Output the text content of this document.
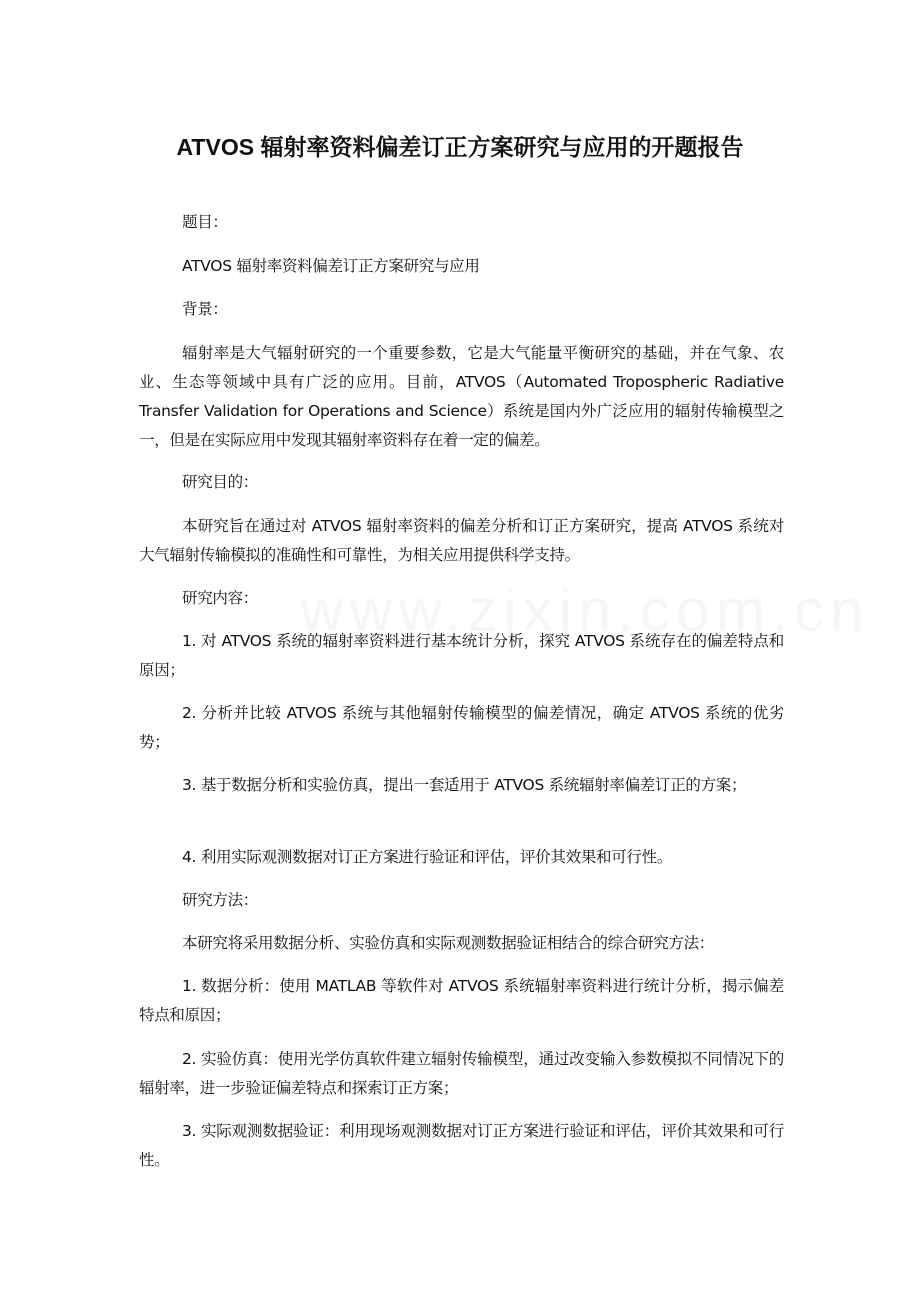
ATVOS 辐射率资料偏差订正方案研究与应用的开题报告

题目：

ATVOS 辐射率资料偏差订正方案研究与应用

背景：

辐射率是大气辐射研究的一个重要参数，它是大气能量平衡研究的基础，并在气象、农业、生态等领域中具有广泛的应用。目前，ATVOS（Automated Tropospheric Radiative Transfer Validation for Operations and Science）系统是国内外广泛应用的辐射传输模型之一，但是在实际应用中发现其辐射率资料存在着一定的偏差。

研究目的：

本研究旨在通过对 ATVOS 辐射率资料的偏差分析和订正方案研究，提高 ATVOS 系统对大气辐射传输模拟的准确性和可靠性，为相关应用提供科学支持。

研究内容：

1. 对 ATVOS 系统的辐射率资料进行基本统计分析，探究 ATVOS 系统存在的偏差特点和原因；

2. 分析并比较 ATVOS 系统与其他辐射传输模型的偏差情况，确定 ATVOS 系统的优劣势；

3. 基于数据分析和实验仿真，提出一套适用于 ATVOS 系统辐射率偏差订正的方案；

4. 利用实际观测数据对订正方案进行验证和评估，评价其效果和可行性。

研究方法：

本研究将采用数据分析、实验仿真和实际观测数据验证相结合的综合研究方法：

1. 数据分析：使用 MATLAB 等软件对 ATVOS 系统辐射率资料进行统计分析，揭示偏差特点和原因；

2. 实验仿真：使用光学仿真软件建立辐射传输模型，通过改变输入参数模拟不同情况下的辐射率，进一步验证偏差特点和探索订正方案；

3. 实际观测数据验证：利用现场观测数据对订正方案进行验证和评估，评价其效果和可行性。
